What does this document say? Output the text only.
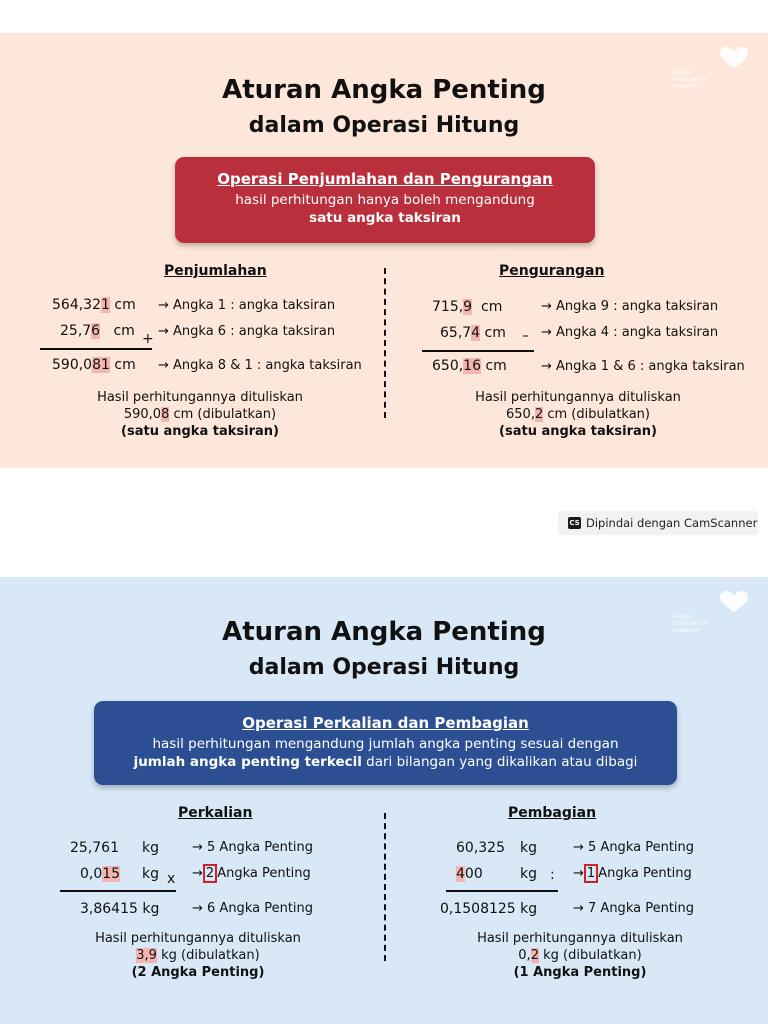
Global
Intelligence
Academy
Aturan Angka Penting
dalam Operasi Hitung
Operasi Penjumlahan dan Pengurangan
hasil perhitungan hanya boleh mengandung
satu angka taksiran
Penjumlahan
564,321 cm → Angka 1 : angka taksiran
25,76   cm + → Angka 6 : angka taksiran
590,081 cm → Angka 8 & 1 : angka taksiran
Hasil perhitungannya dituliskan
590,08 cm (dibulatkan)
(satu angka taksiran)
Pengurangan
715,9  cm	→ Angka 9 : angka taksiran
65,74 cm – → Angka 4 : angka taksiran
650,16 cm	→ Angka 1 & 6 : angka taksiran
Hasil perhitungannya dituliskan
650,2 cm (dibulatkan)
(satu angka taksiran)
CS Dipindai dengan CamScanner
Global
Intelligence
Academy
Aturan Angka Penting
dalam Operasi Hitung
Operasi Perkalian dan Pembagian
hasil perhitungan mengandung jumlah angka penting sesuai dengan
jumlah angka penting terkecil dari bilangan yang dikalikan atau dibagi
Perkalian
25,761 kg	→ 5 Angka Penting
0,015 kg x → 2 Angka Penting
3,86415 kg	→ 6 Angka Penting
Hasil perhitungannya dituliskan
3,9 kg (dibulatkan)
(2 Angka Penting)
Pembagian
60,325 kg	→ 5 Angka Penting
400	kg : → 1 Angka Penting
0,1508125 kg	→ 7 Angka Penting
Hasil perhitungannya dituliskan
0,2 kg (dibulatkan)
(1 Angka Penting)
